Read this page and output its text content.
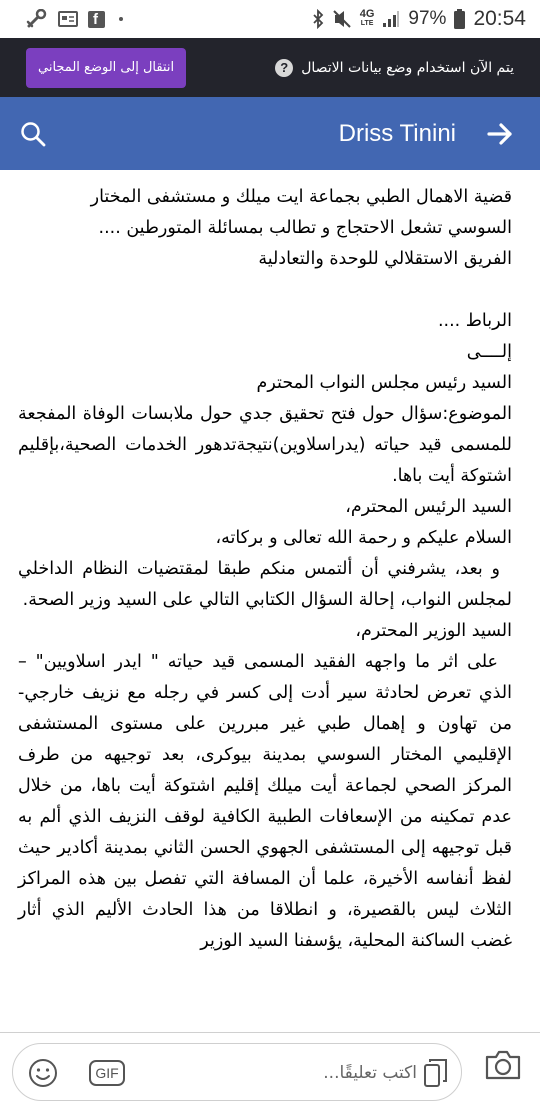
f	4G
LTE 97% 20:54
انتقال إلى الوضع المجاني	يتم الآن استخدام وضع بيانات الاتصال
?
Driss Tinini

قضية الاهمال الطبي بجماعة ايت ميلك و مستشفى المختار

السوسي تشعل الاحتجاج و تطالب بمسائلة المتورطين ....

الفريق الاستقلالي للوحدة والتعادلية

الرباط ....

إلــــى

السيد رئيس مجلس النواب المحترم

الموضوع:سؤال حول فتح تحقيق جدي حول ملابسات الوفاة المفجعة للمسمى قيد حياته (يدراسلاوين)نتيجةتدهور الخدمات الصحية،بإقليم اشتوكة أيت باها.

السيد الرئيس المحترم،

السلام عليكم و رحمة الله تعالى و بركاته،

و بعد، يشرفني أن ألتمس منكم طبقا لمقتضيات النظام الداخلي لمجلس النواب، إحالة السؤال الكتابي التالي على السيد وزير الصحة.

السيد الوزير المحترم،

على اثر ما واجهه الفقيد المسمى قيد حياته " ايدر اسلاويين" – الذي تعرض لحادثة سير أدت إلى كسر في رجله مع نزيف خارجي- من تهاون و إهمال طبي غير مبررين على مستوى المستشفى الإقليمي المختار السوسي بمدينة بيوكرى، بعد توجيهه من طرف المركز الصحي لجماعة أيت ميلك إقليم اشتوكة أيت باها، من خلال عدم تمكينه من الإسعافات الطبية الكافية لوقف النزيف الذي ألم به قبل توجيهه إلى المستشفى الجهوي الحسن الثاني بمدينة أكادير حيث لفظ أنفاسه الأخيرة، علما أن المسافة التي تفصل بين هذه المراكز الثلاث ليس بالقصيرة، و انطلاقا من هذا الحادث الأليم الذي أثار غضب الساكنة المحلية، يؤسفنا السيد الوزير

GIF
اكتب تعليقًا...
